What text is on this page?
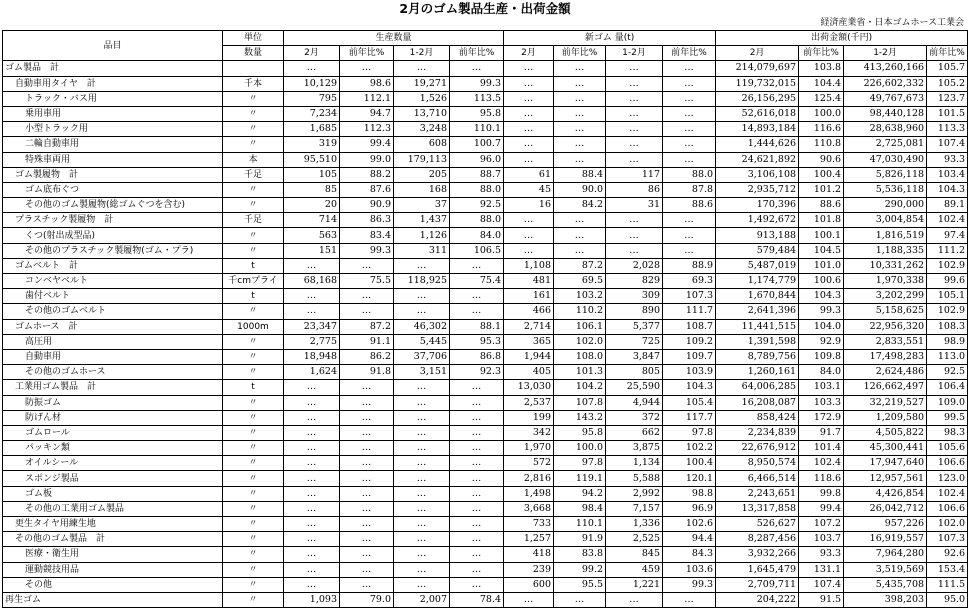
2月のゴム製品生産・出荷金額
経済産業省・日本ゴムホース工業会
品目	単位	生産数量				新ゴム 量(t)				出荷金額(千円)			
	数量	2月	前年比%	1-2月	前年比%	2月	前年比%	1-2月	前年比%	2月	前年比%	1-2月	前年比%
ゴム製品　計		…	…	…	…	…	…	…	…	214,079,697	103.8	413,260,166	105.7
自動車用タイヤ　計	千本	10,129	98.6	19,271	99.3	…	…	…	…	119,732,015	104.4	226,602,332	105.2
トラック・バス用	〃	795	112.1	1,526	113.5	…	…	…	…	26,156,295	125.4	49,767,673	123.7
乗用車用	〃	7,234	94.7	13,710	95.8	…	…	…	…	52,616,018	100.0	98,440,128	101.5
小型トラック用	〃	1,685	112.3	3,248	110.1	…	…	…	…	14,893,184	116.6	28,638,960	113.3
二輪自動車用	〃	319	99.4	608	100.7	…	…	…	…	1,444,626	110.8	2,725,081	107.4
特殊車両用	本	95,510	99.0	179,113	96.0	…	…	…	…	24,621,892	90.6	47,030,490	93.3
ゴム製履物　計	千足	105	88.2	205	88.7	61	88.4	117	88.0	3,106,108	100.4	5,826,118	103.4
ゴム底布ぐつ	〃	85	87.6	168	88.0	45	90.0	86	87.8	2,935,712	101.2	5,536,118	104.3
その他のゴム製履物(総ゴムぐつを含む)	〃	20	90.9	37	92.5	16	84.2	31	88.6	170,396	88.6	290,000	89.1
プラスチック製履物　計	千足	714	86.3	1,437	88.0	…	…	…	…	1,492,672	101.8	3,004,854	102.4
くつ(射出成型品)	〃	563	83.4	1,126	84.0	…	…	…	…	913,188	100.1	1,816,519	97.4
その他のプラスチック製履物(ゴム・プラ)	〃	151	99.3	311	106.5	…	…	…	…	579,484	104.5	1,188,335	111.2
ゴムベルト　計	t	…	…	…	…	1,108	87.2	2,028	88.9	5,487,019	101.0	10,331,262	102.9
コンベヤベルト	千cmプライ	68,168	75.5	118,925	75.4	481	69.5	829	69.3	1,174,779	100.6	1,970,338	99.6
歯付ベルト	t	…	…	…	…	161	103.2	309	107.3	1,670,844	104.3	3,202,299	105.1
その他のゴムベルト	〃	…	…	…	…	466	110.2	890	111.7	2,641,396	99.3	5,158,625	102.9
ゴムホース　計	1000m	23,347	87.2	46,302	88.1	2,714	106.1	5,377	108.7	11,441,515	104.0	22,956,320	108.3
高圧用	〃	2,775	91.1	5,445	95.3	365	102.0	725	109.2	1,391,598	92.9	2,833,551	98.9
自動車用	〃	18,948	86.2	37,706	86.8	1,944	108.0	3,847	109.7	8,789,756	109.8	17,498,283	113.0
その他のゴムホース	〃	1,624	91.8	3,151	92.3	405	101.3	805	103.9	1,260,161	84.0	2,624,486	92.5
工業用ゴム製品　計	t	…	…	…	…	13,030	104.2	25,590	104.3	64,006,285	103.1	126,662,497	106.4
防振ゴム	〃	…	…	…	…	2,537	107.8	4,944	105.4	16,208,087	103.3	32,219,527	109.0
防げん材	〃	…	…	…	…	199	143.2	372	117.7	858,424	172.9	1,209,580	99.5
ゴムロール	〃	…	…	…	…	342	95.8	662	97.8	2,234,839	91.7	4,505,822	98.3
パッキン類	〃	…	…	…	…	1,970	100.0	3,875	102.2	22,676,912	101.4	45,300,441	105.6
オイルシール	〃	…	…	…	…	572	97.8	1,134	100.4	8,950,574	102.4	17,947,640	106.6
スポンジ製品	〃	…	…	…	…	2,816	119.1	5,588	120.1	6,466,514	118.6	12,957,561	123.0
ゴム板	〃	…	…	…	…	1,498	94.2	2,992	98.8	2,243,651	99.8	4,426,854	102.4
その他の工業用ゴム製品	〃	…	…	…	…	3,668	98.4	7,157	96.9	13,317,858	99.4	26,042,712	106.6
更生タイヤ用練生地	〃	…	…	…	…	733	110.1	1,336	102.6	526,627	107.2	957,226	102.0
その他のゴム製品　計	〃	…	…	…	…	1,257	91.9	2,525	94.4	8,287,456	103.7	16,919,557	107.3
医療・衛生用	〃	…	…	…	…	418	83.8	845	84.3	3,932,266	93.3	7,964,280	92.6
運動競技用品	〃	…	…	…	…	239	99.2	459	103.6	1,645,479	131.1	3,519,569	153.4
その他	〃	…	…	…	…	600	95.5	1,221	99.3	2,709,711	107.4	5,435,708	111.5
再生ゴム	〃	1,093	79.0	2,007	78.4	…	…	…	…	204,222	91.5	398,203	95.0
